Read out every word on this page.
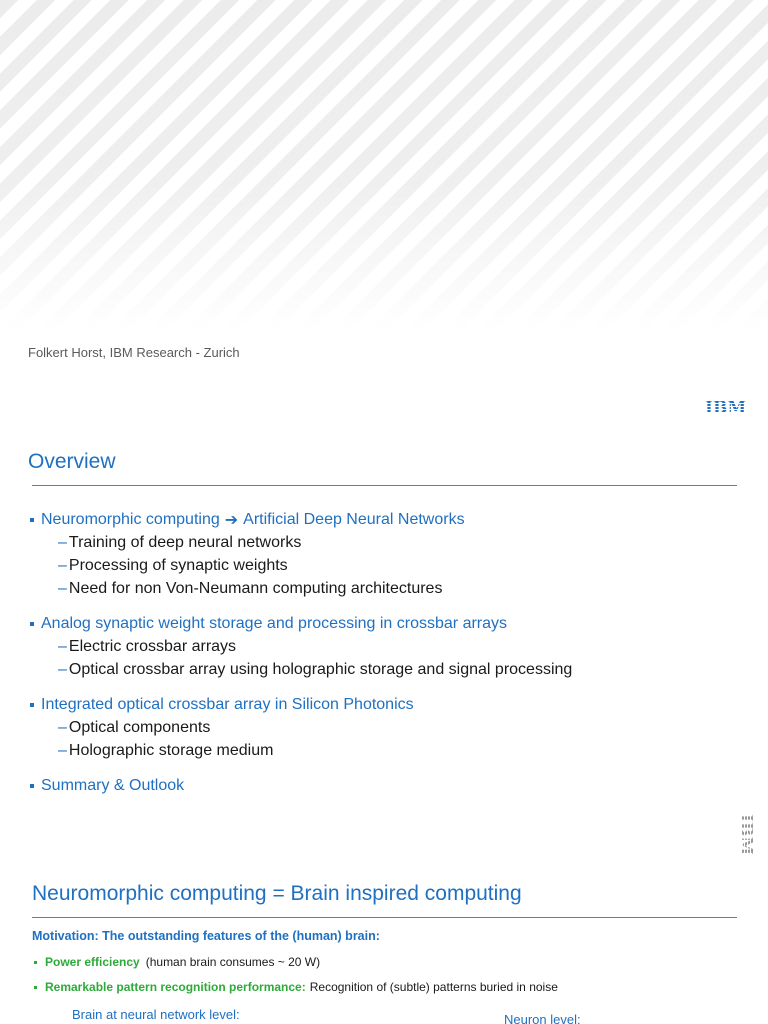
Folkert Horst, IBM Research - Zurich
IBM
Overview
Neuromorphic computing ➔ Artificial Deep Neural Networks
– Training of deep neural networks
– Processing of synaptic weights
– Need for non Von-Neumann computing architectures
Analog synaptic weight storage and processing in crossbar arrays
– Electric crossbar arrays
– Optical crossbar array using holographic storage and signal processing
Integrated optical crossbar array in Silicon Photonics
– Optical components
– Holographic storage medium
Summary & Outlook
IBM
Neuromorphic computing = Brain inspired computing
Motivation: The outstanding features of the (human) brain:
Power efficiency (human brain consumes ~ 20 W)
Remarkable pattern recognition performance: Recognition of (subtle) patterns buried in noise
Brain at neural network level:	Neuron level:
